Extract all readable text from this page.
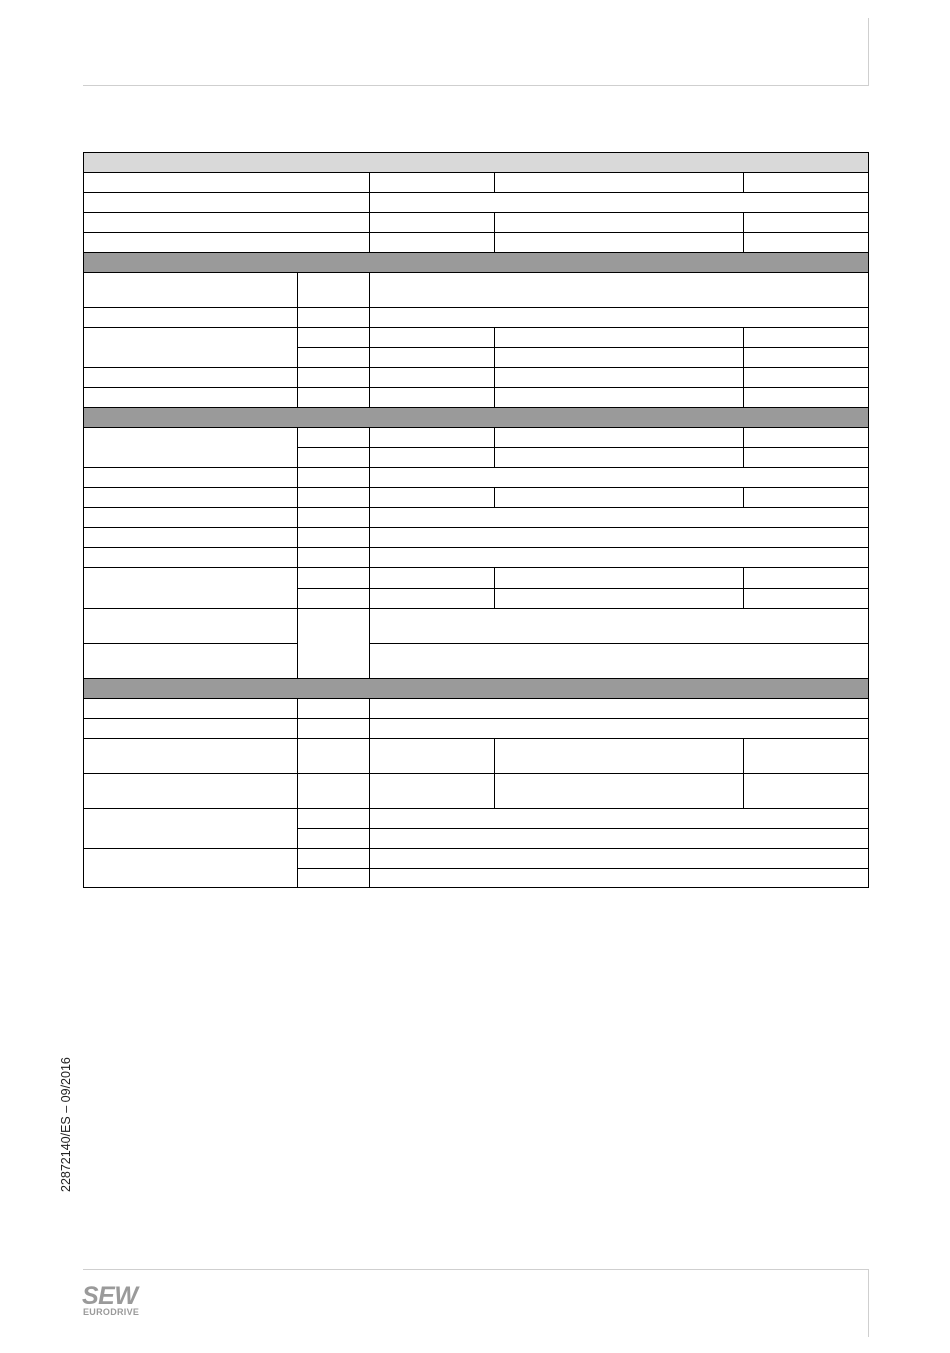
22872140/ES – 09/2016
SEW
EURODRIVE
